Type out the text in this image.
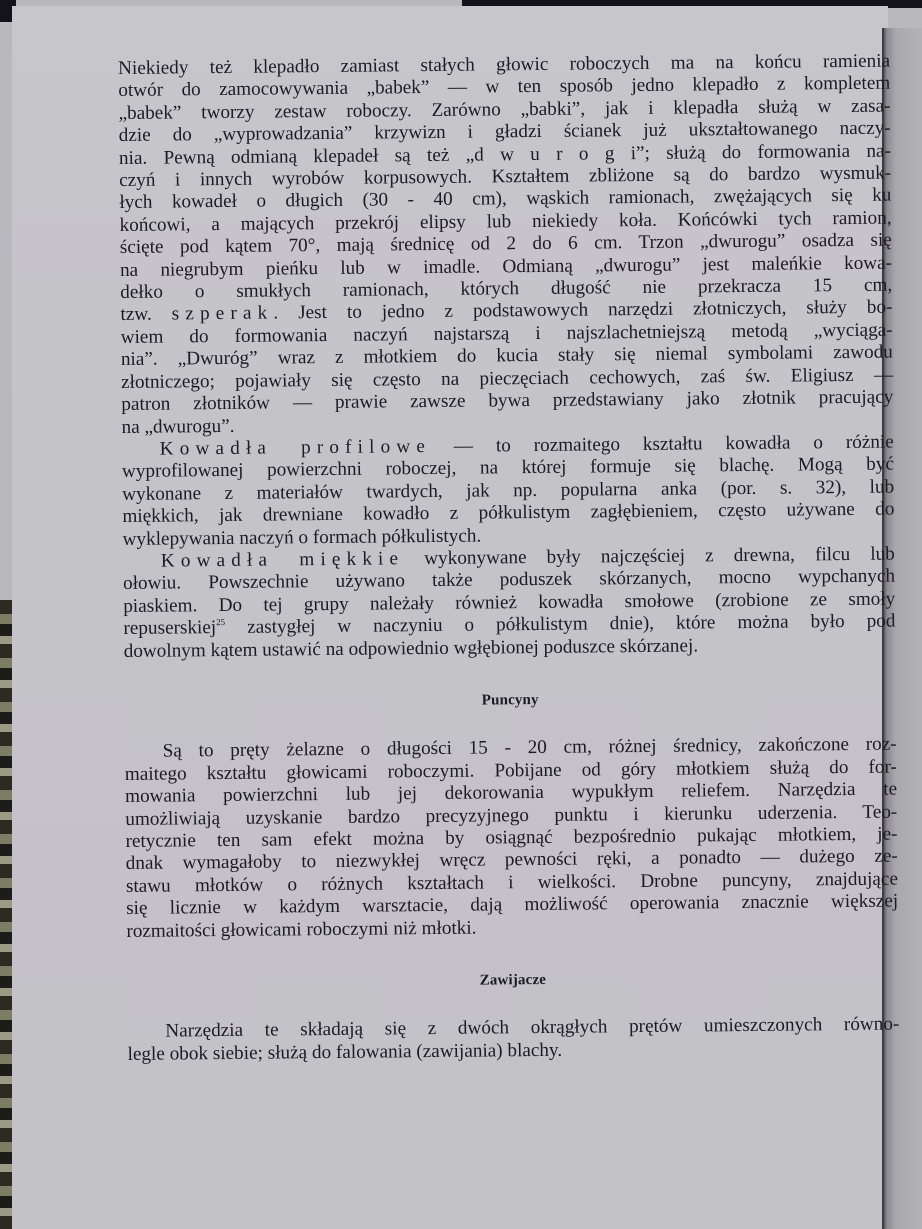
Niekiedy też klepadło zamiast stałych głowic roboczych ma na końcu ramienia
otwór do zamocowywania „babek” — w ten sposób jedno klepadło z kompletem
„babek” tworzy zestaw roboczy. Zarówno „babki”, jak i klepadła służą w zasa-
dzie do „wyprowadzania” krzywizn i gładzi ścianek już ukształtowanego naczy-
nia. Pewną odmianą klepadeł są też „d w u r o g i”; służą do formowania na-
czyń i innych wyrobów korpusowych. Kształtem zbliżone są do bardzo wysmuk-
łych kowadeł o długich (30 - 40 cm), wąskich ramionach, zwężających się ku
końcowi, a mających przekrój elipsy lub niekiedy koła. Końcówki tych ramion,
ścięte pod kątem 70°, mają średnicę od 2 do 6 cm. Trzon „dwurogu” osadza się
na niegrubym pieńku lub w imadle. Odmianą „dwurogu” jest maleńkie kowa-
dełko o smukłych ramionach, których długość nie przekracza 15 cm,
tzw. szperak. Jest to jedno z podstawowych narzędzi złotniczych, służy bo-
wiem do formowania naczyń najstarszą i najszlachetniejszą metodą „wyciąga-
nia”. „Dwuróg” wraz z młotkiem do kucia stały się niemal symbolami zawodu
złotniczego; pojawiały się często na pieczęciach cechowych, zaś św. Eligiusz —
patron złotników — prawie zawsze bywa przedstawiany jako złotnik pracujący
na „dwurogu”.
Kowadła profilowe — to rozmaitego kształtu kowadła o różnie
wyprofilowanej powierzchni roboczej, na której formuje się blachę. Mogą być
wykonane z materiałów twardych, jak np. popularna anka (por. s. 32), lub
miękkich, jak drewniane kowadło z półkulistym zagłębieniem, często używane do
wyklepywania naczyń o formach półkulistych.
Kowadła miękkie wykonywane były najczęściej z drewna, filcu lub
ołowiu. Powszechnie używano także poduszek skórzanych, mocno wypchanych
piaskiem. Do tej grupy należały również kowadła smołowe (zrobione ze smoły
repuserskiej$^{25}$ zastygłej w naczyniu o półkulistym dnie), które można było pod
dowolnym kątem ustawić na odpowiednio wgłębionej poduszce skórzanej.
Puncyny
Są to pręty żelazne o długości 15 - 20 cm, różnej średnicy, zakończone roz-
maitego kształtu głowicami roboczymi. Pobijane od góry młotkiem służą do for-
mowania powierzchni lub jej dekorowania wypukłym reliefem. Narzędzia te
umożliwiają uzyskanie bardzo precyzyjnego punktu i kierunku uderzenia. Teo-
retycznie ten sam efekt można by osiągnąć bezpośrednio pukając młotkiem, je-
dnak wymagałoby to niezwykłej wręcz pewności ręki, a ponadto — dużego ze-
stawu młotków o różnych kształtach i wielkości. Drobne puncyny, znajdujące
się licznie w każdym warsztacie, dają możliwość operowania znacznie większej
rozmaitości głowicami roboczymi niż młotki.
Zawijacze
Narzędzia te składają się z dwóch okrągłych prętów umieszczonych równo-
legle obok siebie; służą do falowania (zawijania) blachy.
